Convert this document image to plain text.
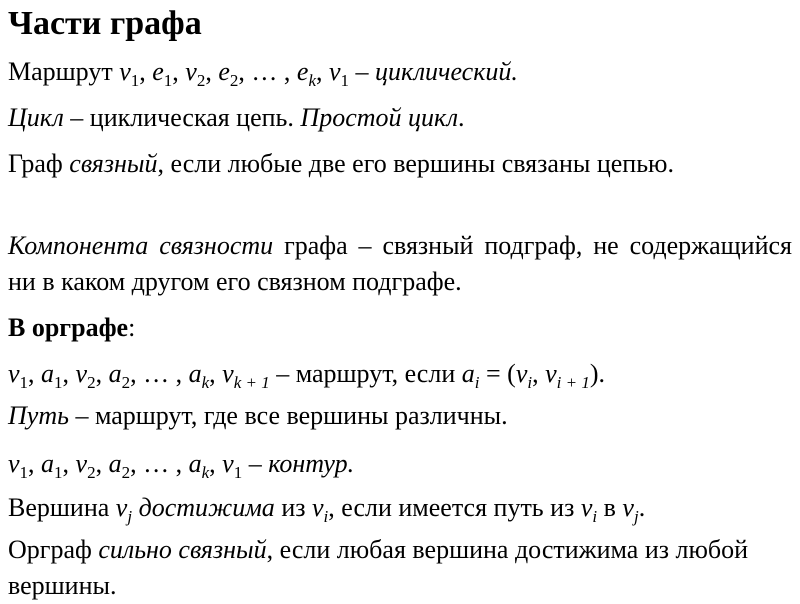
Части графа
Маршрут $v_1$, $e_1$, $v_2$, $e_2$, … , $e_k$, $v_1$ – циклический.
Цикл – циклическая цепь. Простой цикл.
Граф связный, если любые две его вершины связаны цепью.
Компонента связности графа – связный подграф, не содержащийся ни в каком другом его связном подграфе.
В орграфе:
$v_1$, $a_1$, $v_2$, $a_2$, … , $a_k$, $v_{k + 1}$ – маршрут, если $a_i = (v_i$, $v_{i + 1}$).
Путь – маршрут, где все вершины различны.
$v_1$, $a_1$, $v_2$, $a_2$, … , $a_k$, $v_1$ – контур.
Вершина $v_j$ достижима из $v_i$, если имеется путь из $v_i$ в $v_j$.
Орграф сильно связный, если любая вершина достижима из любой вершины.
